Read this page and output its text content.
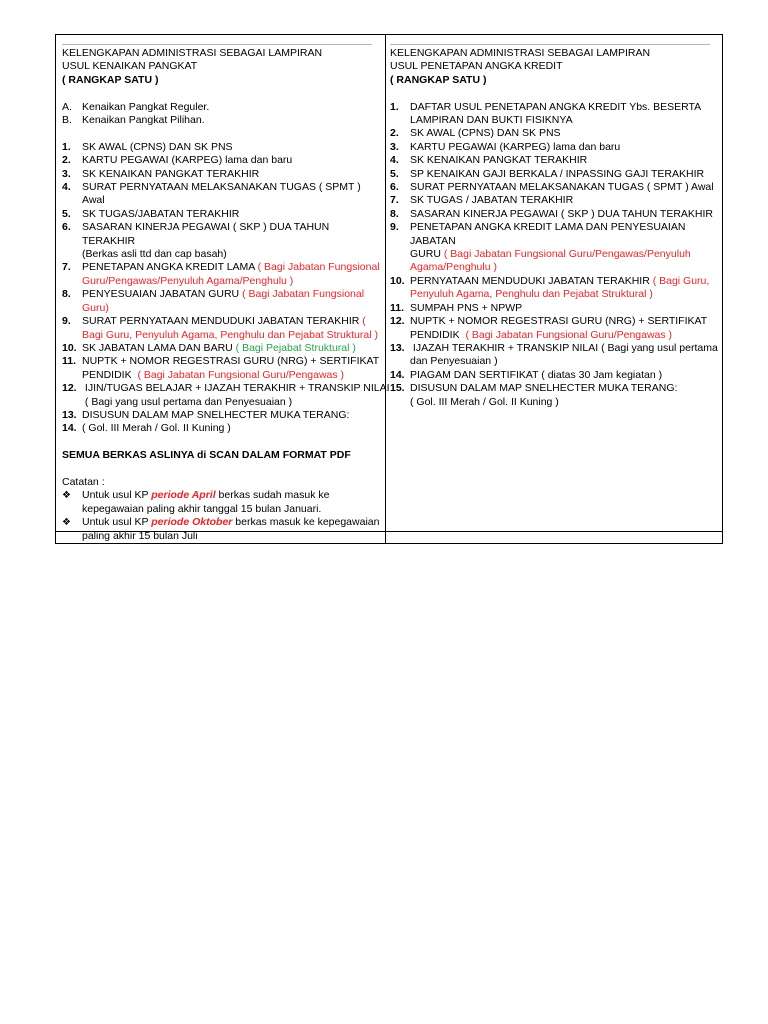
KELENGKAPAN ADMINISTRASI SEBAGAI LAMPIRAN
USUL KENAIKAN PANGKAT
( RANGKAP SATU )
A. Kenaikan Pangkat Reguler.
B. Kenaikan Pangkat Pilihan.
1.	SK AWAL (CPNS) DAN SK PNS
2.	KARTU PEGAWAI (KARPEG) lama dan baru
3.	SK KENAIKAN PANGKAT TERAKHIR
4.	SURAT PERNYATAAN MELAKSANAKAN TUGAS ( SPMT ) Awal
5.	SK TUGAS/JABATAN TERAKHIR
6.	SASARAN KINERJA PEGAWAI ( SKP ) DUA TAHUN TERAKHIR
(Berkas asli ttd dan cap basah)
7.	PENETAPAN ANGKA KREDIT LAMA ( Bagi Jabatan Fungsional Guru/Pengawas/Penyuluh Agama/Penghulu )
8.	PENYESUAIAN JABATAN GURU ( Bagi Jabatan Fungsional Guru)
9.	SURAT PERNYATAAN MENDUDUKI JABATAN TERAKHIR ( Bagi Guru, Penyuluh Agama, Penghulu dan Pejabat Struktural )
10. SK JABATAN LAMA DAN BARU ( Bagi Pejabat Struktural )
11. NUPTK + NOMOR REGESTRASI GURU (NRG) + SERTIFIKAT
PENDIDIK  ( Bagi Jabatan Fungsional Guru/Pengawas )
12. IJIN/TUGAS BELAJAR + IJAZAH TERAKHIR + TRANSKIP NILAI
( Bagi yang usul pertama dan Penyesuaian )
13. DISUSUN DALAM MAP SNELHECTER MUKA TERANG:
14. ( Gol. III Merah / Gol. II Kuning )
SEMUA BERKAS ASLINYA di SCAN DALAM FORMAT PDF
Catatan :
❖	Untuk usul KP periode April berkas sudah masuk ke
kepegawaian paling akhir tanggal 15 bulan Januari.
❖	Untuk usul KP periode Oktober berkas masuk ke kepegawaian
paling akhir 15 bulan Juli
KELENGKAPAN ADMINISTRASI SEBAGAI LAMPIRAN
USUL PENETAPAN ANGKA KREDIT
( RANGKAP SATU )
1.	DAFTAR USUL PENETAPAN ANGKA KREDIT Ybs. BESERTA
LAMPIRAN DAN BUKTI FISIKNYA
2.	SK AWAL (CPNS) DAN SK PNS
3.	KARTU PEGAWAI (KARPEG) lama dan baru
4.	SK KENAIKAN PANGKAT TERAKHIR
5.	SP KENAIKAN GAJI BERKALA / INPASSING GAJI TERAKHIR
6.	SURAT PERNYATAAN MELAKSANAKAN TUGAS ( SPMT ) Awal
7.	SK TUGAS / JABATAN TERAKHIR
8.	SASARAN KINERJA PEGAWAI ( SKP ) DUA TAHUN TERAKHIR
9.	PENETAPAN ANGKA KREDIT LAMA DAN PENYESUAIAN JABATAN
GURU ( Bagi Jabatan Fungsional Guru/Pengawas/Penyuluh Agama/Penghulu )
10. PERNYATAAN MENDUDUKI JABATAN TERAKHIR ( Bagi Guru, Penyuluh Agama, Penghulu dan Pejabat Struktural )
11. SUMPAH PNS + NPWP
12. NUPTK + NOMOR REGESTRASI GURU (NRG) + SERTIFIKAT
PENDIDIK  ( Bagi Jabatan Fungsional Guru/Pengawas )
13. IJAZAH TERAKHIR + TRANSKIP NILAI ( Bagi yang usul pertama
dan Penyesuaian )
14. PIAGAM DAN SERTIFIKAT ( diatas 30 Jam kegiatan )
15. DISUSUN DALAM MAP SNELHECTER MUKA TERANG:
( Gol. III Merah / Gol. II Kuning )
